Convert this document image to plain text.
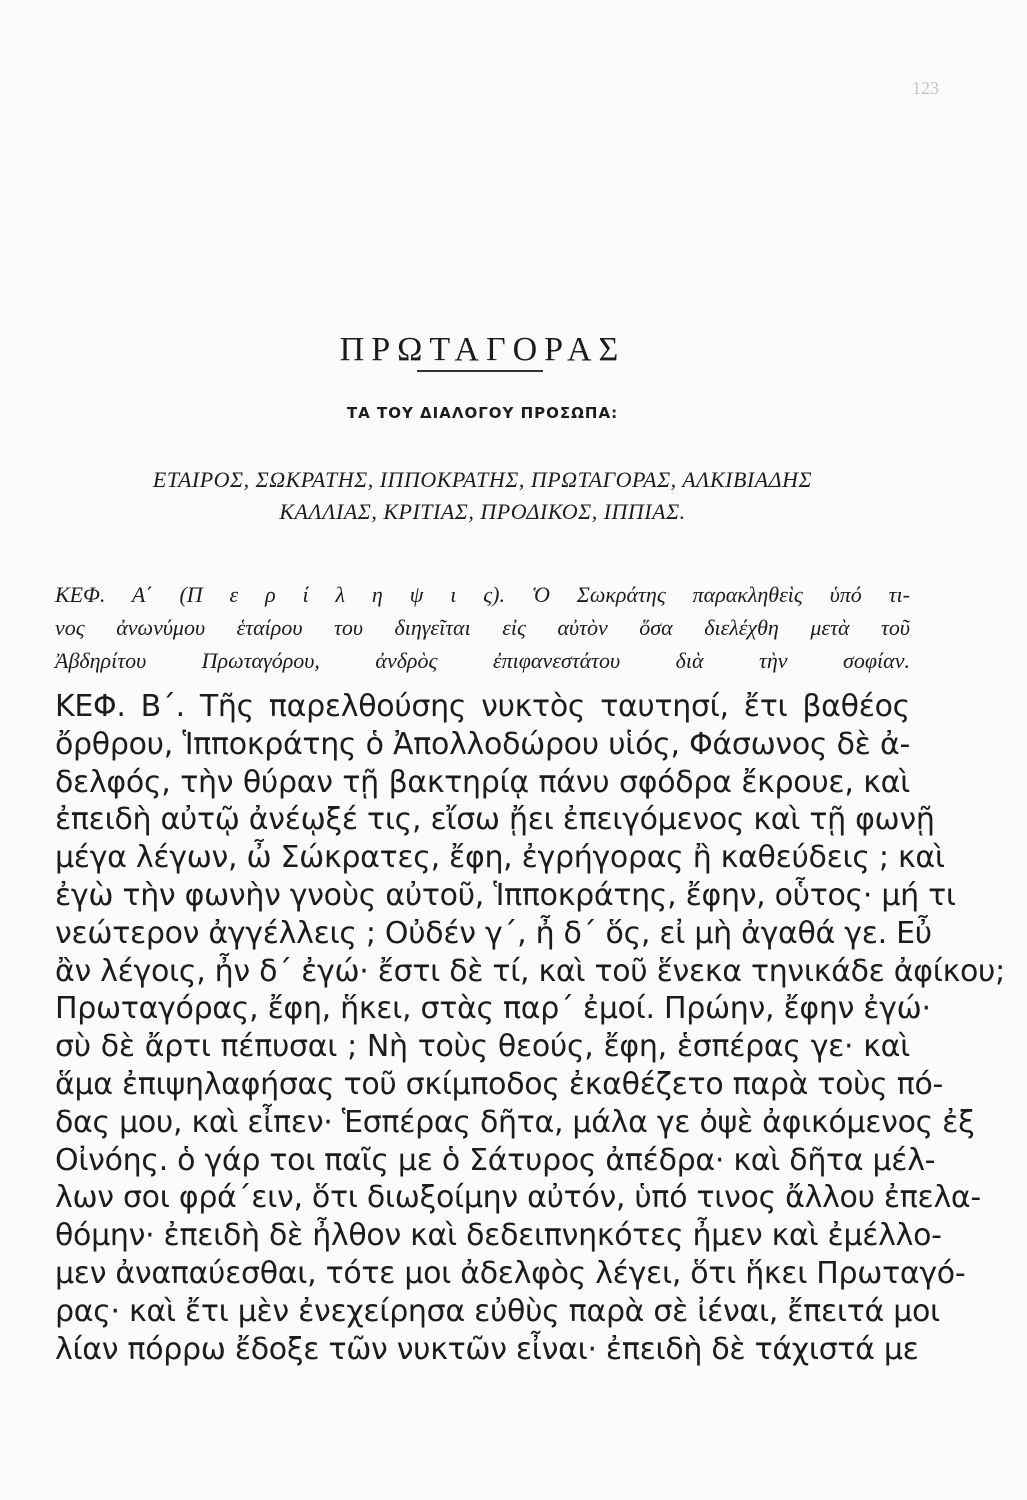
123
ΠΡΩΤΑΓΟΡΑΣ
ΤΑ ΤΟΥ ΔΙΑΛΟΓΟΥ ΠΡΟΣΩΠΑ:
ΕΤΑΙΡΟΣ, ΣΩΚΡΑΤΗΣ, ΙΠΠΟΚΡΑΤΗΣ, ΠΡΩΤΑΓΟΡΑΣ, ΑΛΚΙΒΙΑΔΗΣ
ΚΑΛΛΙΑΣ, ΚΡΙΤΙΑΣ, ΠΡΟΔΙΚΟΣ, ΙΠΠΙΑΣ.
ΚΕΦ. Α΄ (Π ε ρ ί λ η ψ ι ς). Ὁ Σωκράτης παρακληθεὶς ὑπό τι-
νος ἀνωνύμου ἑταίρου του διηγεῖται εἰς αὐτὸν ὅσα διελέχθη μετὰ τοῦ
Ἀβδηρίτου Πρωταγόρου, ἀνδρὸς ἐπιφανεστάτου διὰ τὴν σοφίαν.
ΚΕΦ. Β΄. Τῆς παρελθούσης νυκτὸς ταυτησί, ἔτι βαθέος
ὄρθρου, Ἱπποκράτης ὁ Ἀπολλοδώρου υἱός, Φάσωνος δὲ ἀ-
δελφός, τὴν θύραν τῇ βακτηρίᾳ πάνυ σφόδρα ἔκρουε, καὶ
ἐπειδὴ αὐτῷ ἀνέῳξέ τις, εἴσω ᾔει ἐπειγόμενος καὶ τῇ φωνῇ
μέγα λέγων, ὦ Σώκρατες, ἔφη, ἐγρήγορας ἢ καθεύδεις ; καὶ
ἐγὼ τὴν φωνὴν γνοὺς αὐτοῦ, Ἱπποκράτης, ἔφην, οὗτος· μή τι
νεώτερον ἀγγέλλεις ; Οὐδέν γ΄, ἦ δ΄ ὅς, εἰ μὴ ἀγαθά γε. Εὖ
ἂν λέγοις, ἦν δ΄ ἐγώ· ἔστι δὲ τί, καὶ τοῦ ἕνεκα τηνικάδε ἀφίκου;
Πρωταγόρας, ἔφη, ἥκει, στὰς παρ΄ ἐμοί. Πρώην, ἔφην ἐγώ·
σὺ δὲ ἄρτι πέπυσαι ; Νὴ τοὺς θεούς, ἔφη, ἑσπέρας γε· καὶ
ἅμα ἐπιψηλαφήσας τοῦ σκίμποδος ἐκαθέζετο παρὰ τοὺς πό-
δας μου, καὶ εἶπεν· Ἑσπέρας δῆτα, μάλα γε ὀψὲ ἀφικόμενος ἐξ
Οἰνόης. ὁ γάρ τοι παῖς με ὁ Σάτυρος ἀπέδρα· καὶ δῆτα μέλ-
λων σοι φρά΄ειν, ὅτι διωξοίμην αὐτόν, ὑπό τινος ἄλλου ἐπελα-
θόμην· ἐπειδὴ δὲ ἦλθον καὶ δεδειπνηκότες ἦμεν καὶ ἐμέλλο-
μεν ἀναπαύεσθαι, τότε μοι ἀδελφὸς λέγει, ὅτι ἥκει Πρωταγό-
ρας· καὶ ἔτι μὲν ἐνεχείρησα εὐθὺς παρὰ σὲ ἰέναι, ἔπειτά μοι
λίαν πόρρω ἔδοξε τῶν νυκτῶν εἶναι· ἐπειδὴ δὲ τάχιστά με
